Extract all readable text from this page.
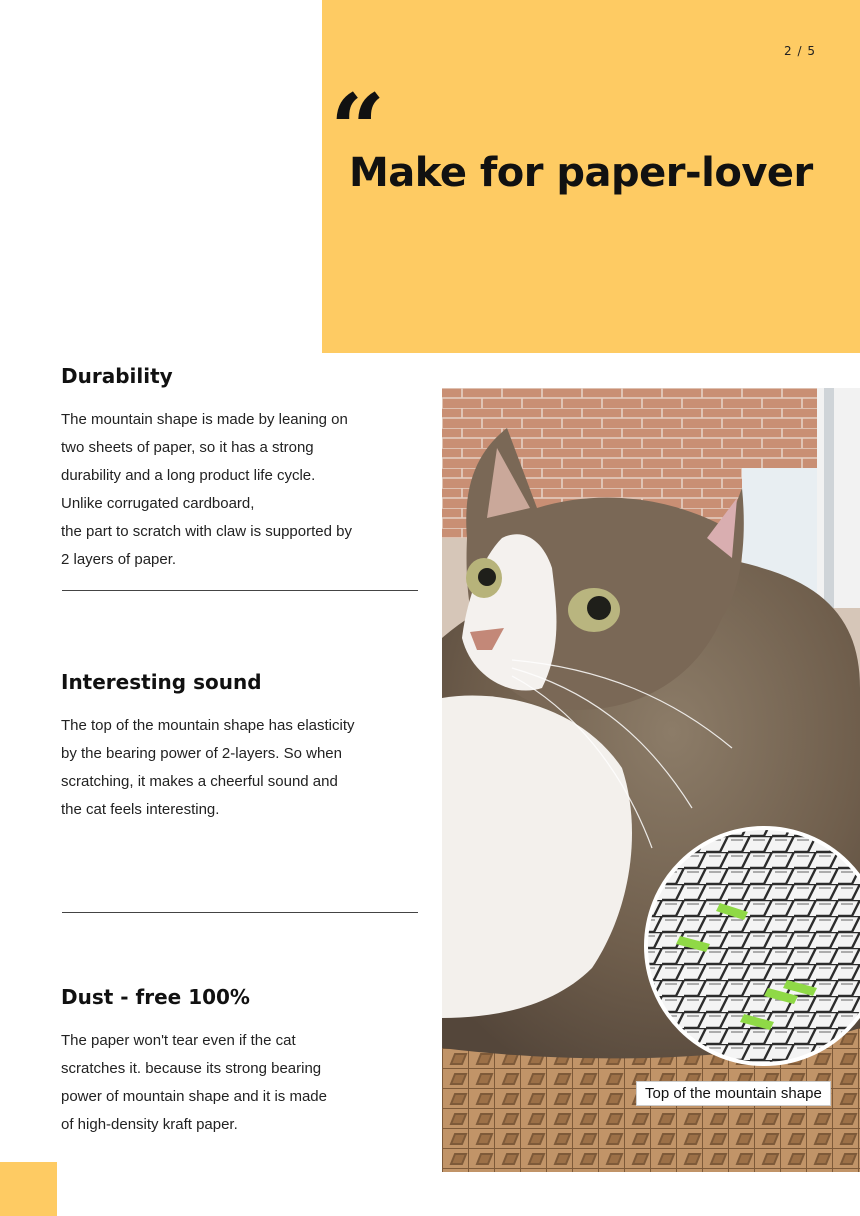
2 / 5
“
Make for paper-lover
Durability

The mountain shape is made by leaning on
two sheets of paper, so it has a strong
durability and a long product life cycle.
Unlike corrugated cardboard,
the part to scratch with claw is supported by
2 layers of paper.

Interesting sound

The top of the mountain shape has elasticity
by the bearing power of 2-layers. So when
scratching, it makes a cheerful sound and
the cat feels interesting.

Dust - free 100%

The paper won't tear even if the cat
scratches it. because its strong bearing
power of mountain shape and it is made
of high-density kraft paper.

Top of the mountain shape
